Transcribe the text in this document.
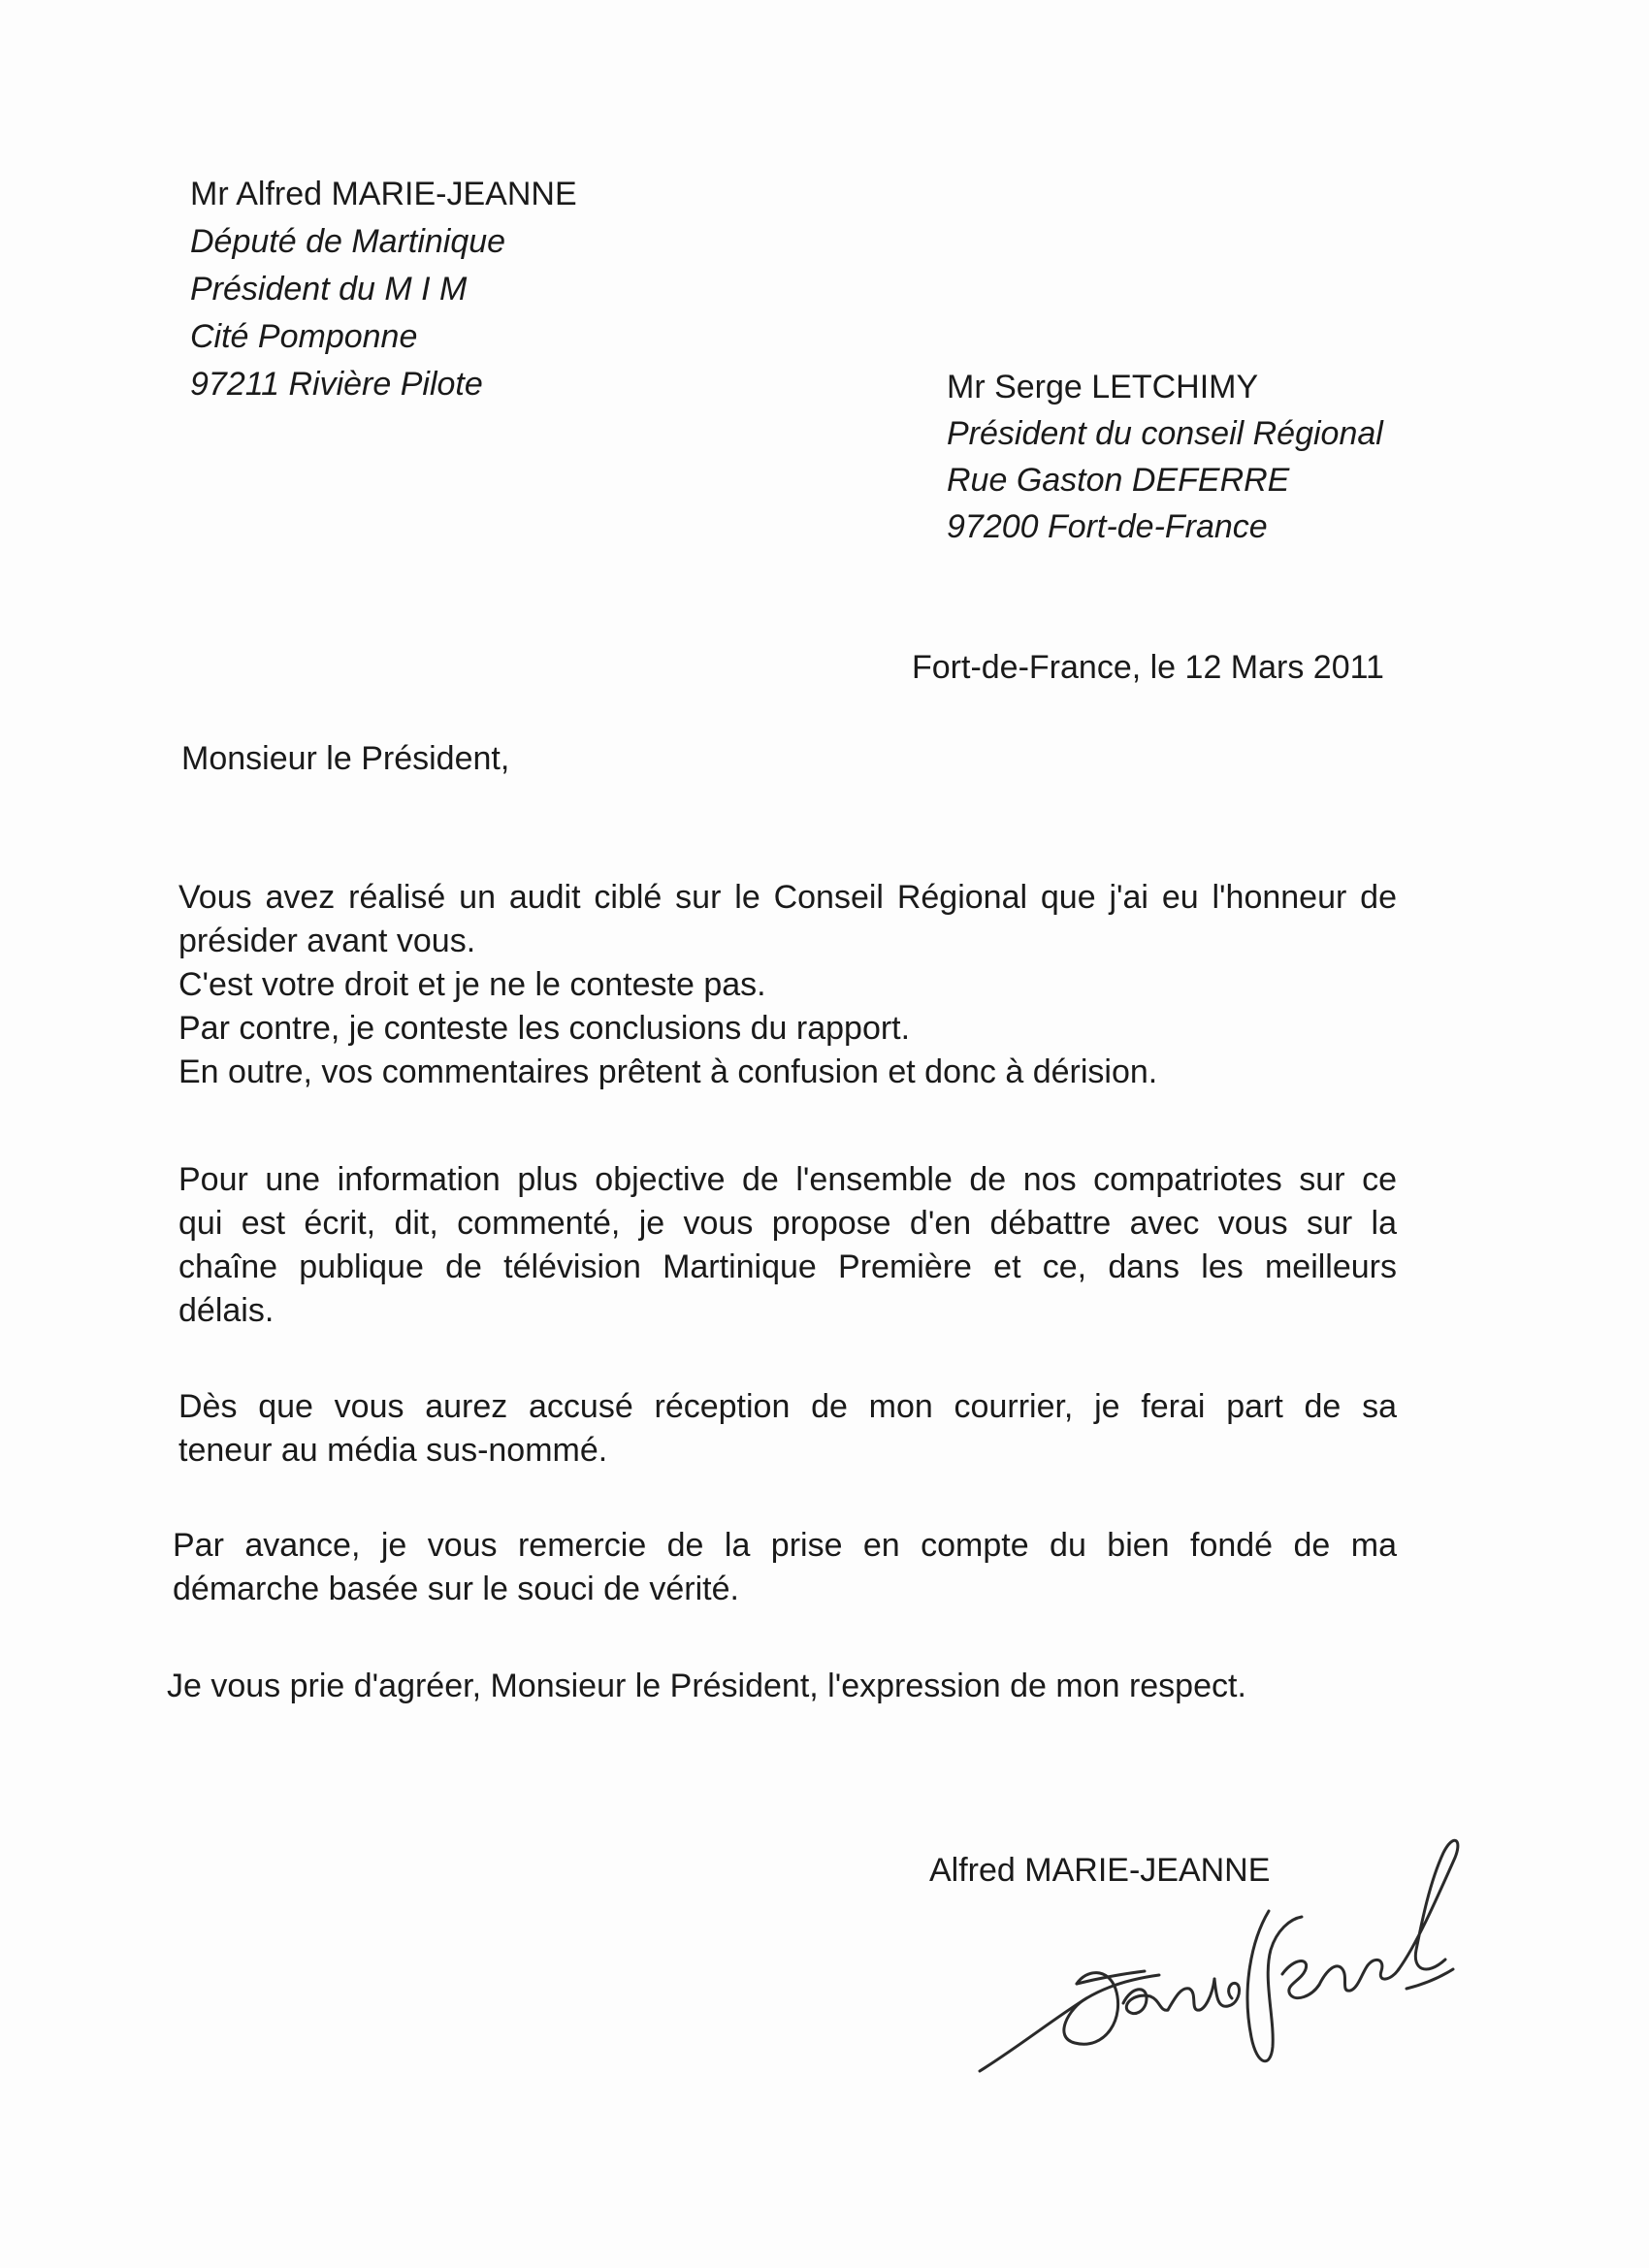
Mr Alfred MARIE-JEANNE
Député de Martinique
Président du M I M
Cité Pomponne
97211 Rivière Pilote	Mr Serge LETCHIMY
Président du conseil Régional
Rue Gaston DEFERRE
97200 Fort-de-France
Fort-de-France, le 12 Mars 2011
Monsieur le Président,
Vous avez réalisé un audit ciblé sur le Conseil Régional que j'ai eu l'honneur de
présider avant vous.
C'est votre droit et je ne le conteste pas.
Par contre, je conteste les conclusions du rapport.
En outre, vos commentaires prêtent à confusion et donc à dérision.
Pour une information plus objective de l'ensemble de nos compatriotes sur ce
qui est écrit, dit, commenté, je vous propose d'en débattre avec vous sur la
chaîne publique de télévision Martinique Première et ce, dans les meilleurs
délais.
Dès que vous aurez accusé réception de mon courrier, je ferai part de sa
teneur au média sus-nommé.
Par avance, je vous remercie de la prise en compte du bien fondé de ma
démarche basée sur le souci de vérité.
Je vous prie d'agréer, Monsieur le Président, l'expression de mon respect.
Alfred MARIE-JEANNE
